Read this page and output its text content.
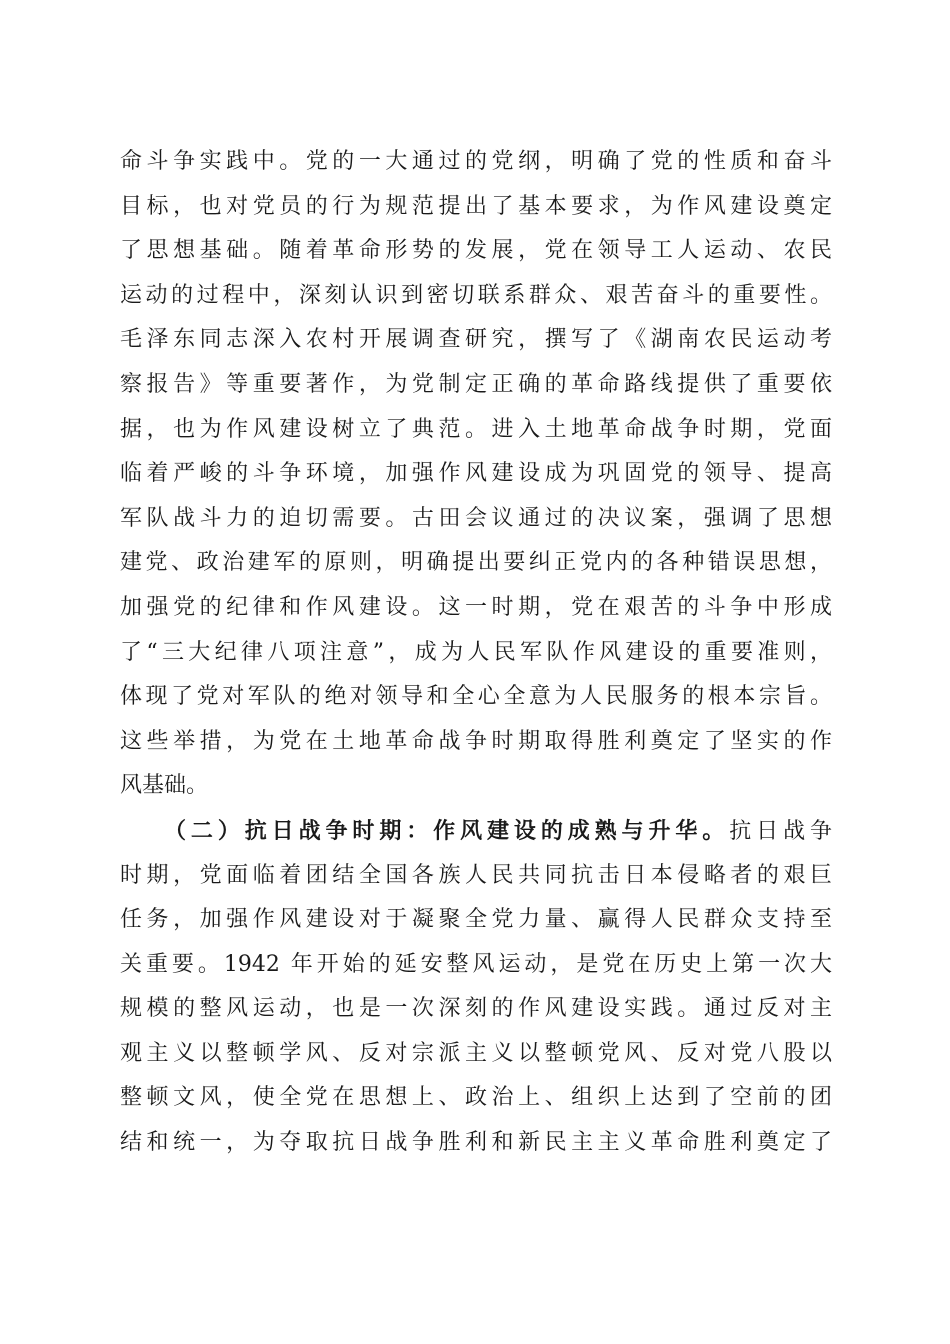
命斗争实践中。党的一大通过的党纲，明确了党的性质和奋斗
目标，也对党员的行为规范提出了基本要求，为作风建设奠定
了思想基础。随着革命形势的发展，党在领导工人运动、农民
运动的过程中，深刻认识到密切联系群众、艰苦奋斗的重要性。
毛泽东同志深入农村开展调查研究，撰写了《湖南农民运动考
察报告》等重要著作，为党制定正确的革命路线提供了重要依
据，也为作风建设树立了典范。进入土地革命战争时期，党面
临着严峻的斗争环境，加强作风建设成为巩固党的领导、提高
军队战斗力的迫切需要。古田会议通过的决议案，强调了思想
建党、政治建军的原则，明确提出要纠正党内的各种错误思想，
加强党的纪律和作风建设。这一时期，党在艰苦的斗争中形成
了“三大纪律八项注意”，成为人民军队作风建设的重要准则，
体现了党对军队的绝对领导和全心全意为人民服务的根本宗旨。
这些举措，为党在土地革命战争时期取得胜利奠定了坚实的作
风基础。
（二）抗日战争时期：作风建设的成熟与升华。抗日战争
时期，党面临着团结全国各族人民共同抗击日本侵略者的艰巨
任务，加强作风建设对于凝聚全党力量、赢得人民群众支持至
关重要。1942 年开始的延安整风运动，是党在历史上第一次大
规模的整风运动，也是一次深刻的作风建设实践。通过反对主
观主义以整顿学风、反对宗派主义以整顿党风、反对党八股以
整顿文风，使全党在思想上、政治上、组织上达到了空前的团
结和统一，为夺取抗日战争胜利和新民主主义革命胜利奠定了
